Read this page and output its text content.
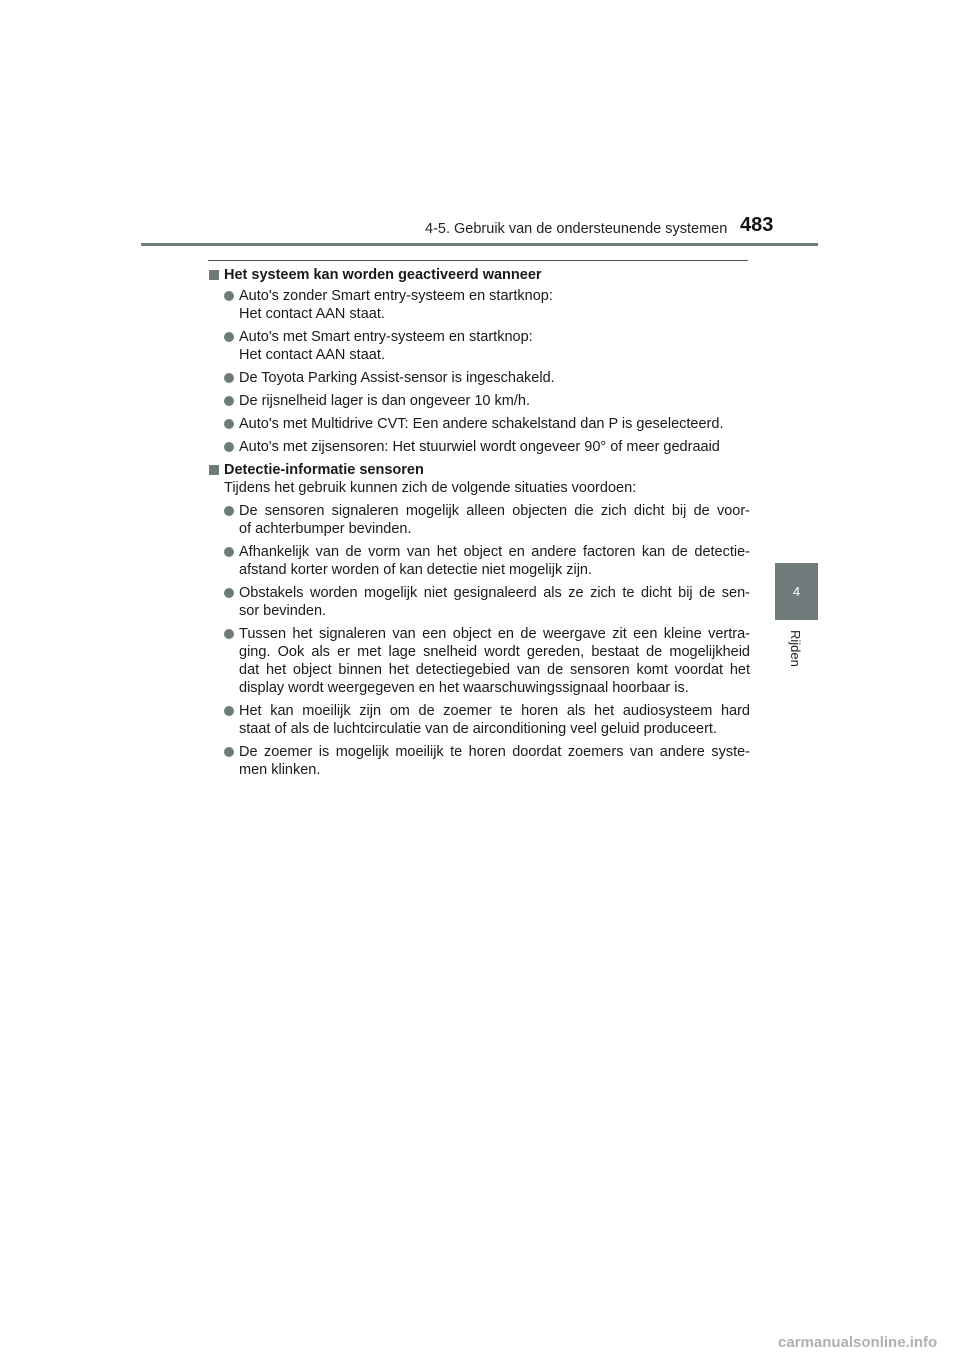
4-5. Gebruik van de ondersteunende systemen 483
4
Rijden
Het systeem kan worden geactiveerd wanneer
Auto's zonder Smart entry-systeem en startknop:
Het contact AAN staat.
Auto's met Smart entry-systeem en startknop:
Het contact AAN staat.
De Toyota Parking Assist-sensor is ingeschakeld.
De rijsnelheid lager is dan ongeveer 10 km/h.
Auto's met Multidrive CVT: Een andere schakelstand dan P is geselecteerd.
Auto's met zijsensoren: Het stuurwiel wordt ongeveer 90° of meer gedraaid
Detectie-informatie sensoren
Tijdens het gebruik kunnen zich de volgende situaties voordoen:
De sensoren signaleren mogelijk alleen objecten die zich dicht bij de voor-
of achterbumper bevinden.
Afhankelijk van de vorm van het object en andere factoren kan de detectie-
afstand korter worden of kan detectie niet mogelijk zijn.
Obstakels worden mogelijk niet gesignaleerd als ze zich te dicht bij de sen-
sor bevinden.
Tussen het signaleren van een object en de weergave zit een kleine vertra-
ging. Ook als er met lage snelheid wordt gereden, bestaat de mogelijkheid
dat het object binnen het detectiegebied van de sensoren komt voordat het
display wordt weergegeven en het waarschuwingssignaal hoorbaar is.
Het kan moeilijk zijn om de zoemer te horen als het audiosysteem hard
staat of als de luchtcirculatie van de airconditioning veel geluid produceert.
De zoemer is mogelijk moeilijk te horen doordat zoemers van andere syste-
men klinken.
carmanualsonline.info
